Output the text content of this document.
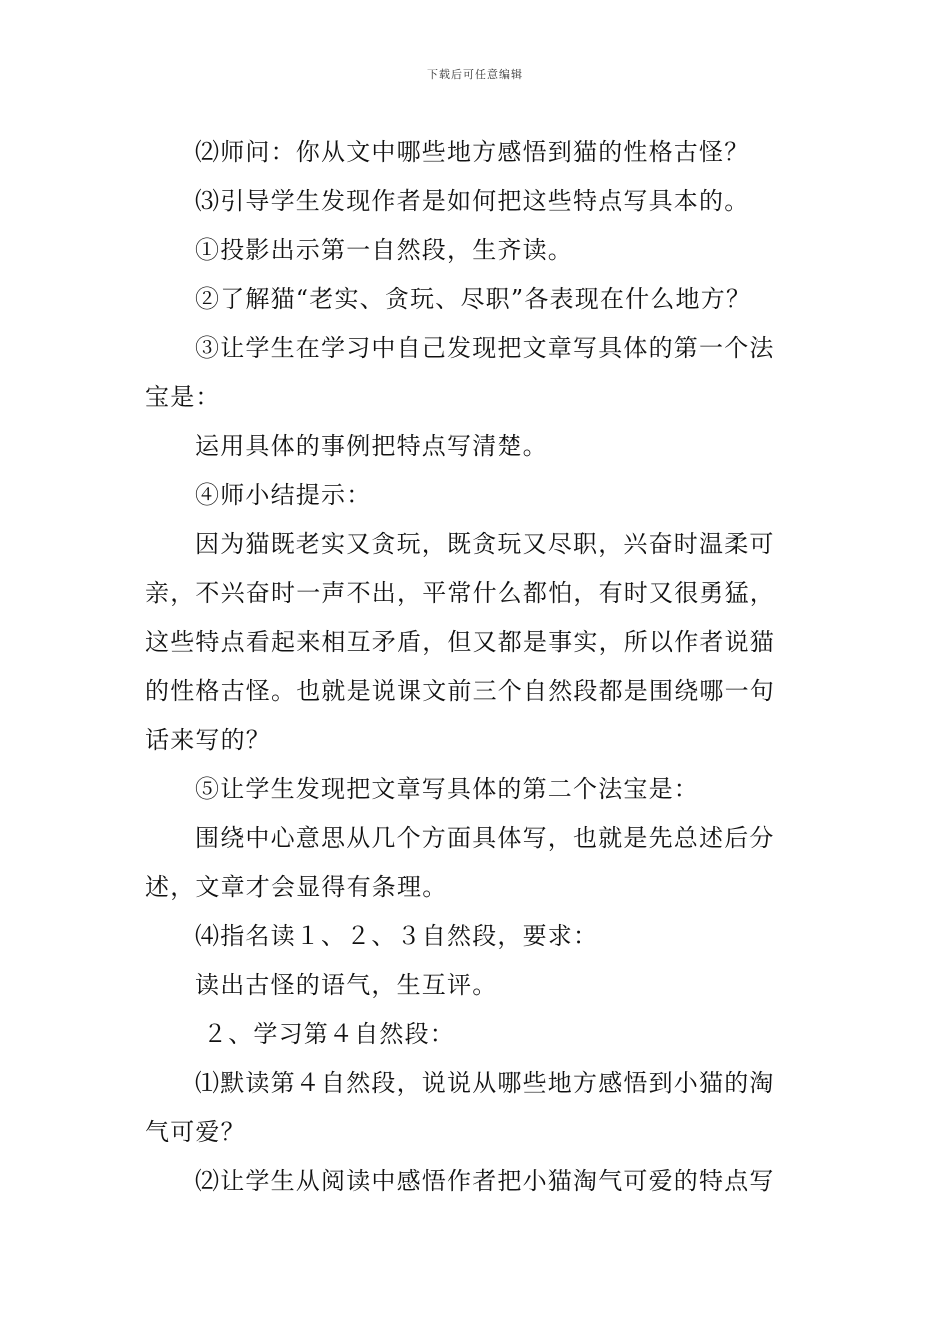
下载后可任意编辑
⑵师问：你从文中哪些地方感悟到猫的性格古怪？
⑶引导学生发现作者是如何把这些特点写具本的。
①投影出示第一自然段，生齐读。
②了解猫“老实、贪玩、尽职”各表现在什么地方？
③让学生在学习中自己发现把文章写具体的第一个法
宝是：
运用具体的事例把特点写清楚。
④师小结提示：
因为猫既老实又贪玩，既贪玩又尽职，兴奋时温柔可
亲，不兴奋时一声不出，平常什么都怕，有时又很勇猛，
这些特点看起来相互矛盾，但又都是事实，所以作者说猫
的性格古怪。也就是说课文前三个自然段都是围绕哪一句
话来写的？
⑤让学生发现把文章写具体的第二个法宝是：
围绕中心意思从几个方面具体写，也就是先总述后分
述，文章才会显得有条理。
⑷指名读１、２、３自然段，要求：
读出古怪的语气，生互评。
２、学习第４自然段：
⑴默读第４自然段，说说从哪些地方感悟到小猫的淘
气可爱？
⑵让学生从阅读中感悟作者把小猫淘气可爱的特点写
